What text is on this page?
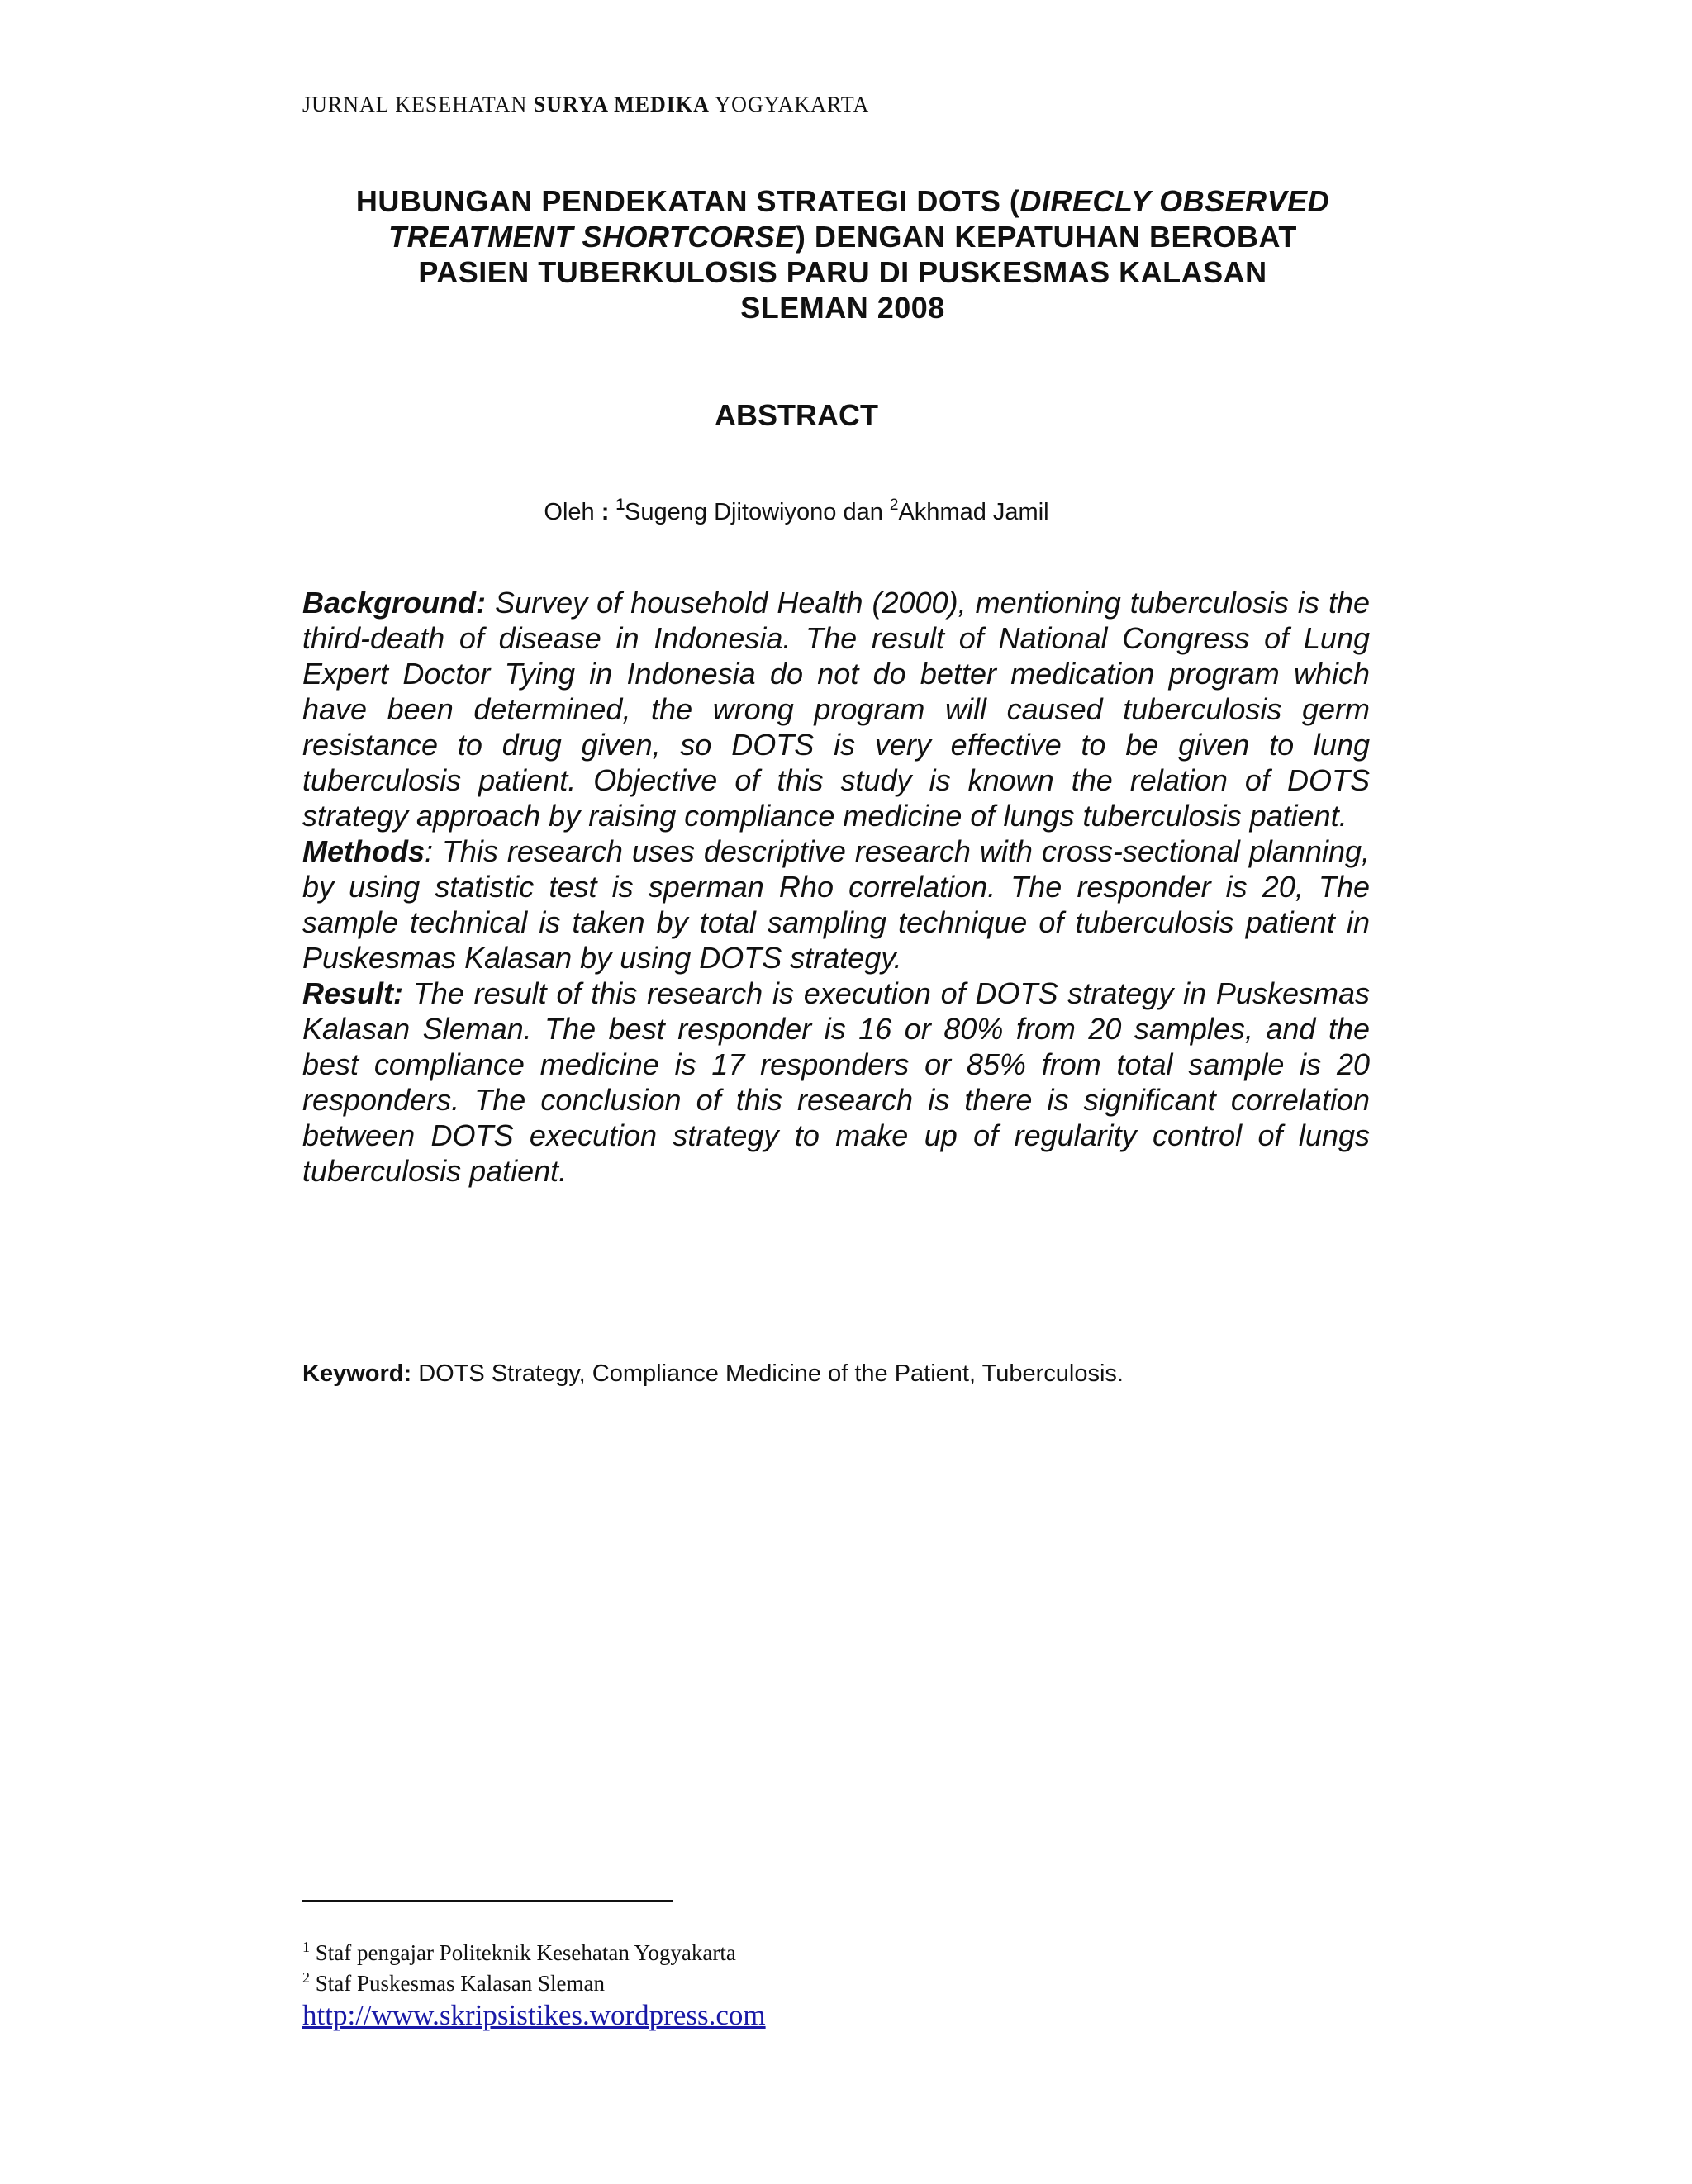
JURNAL KESEHATAN SURYA MEDIKA YOGYAKARTA
HUBUNGAN PENDEKATAN STRATEGI DOTS (DIRECLY OBSERVED
TREATMENT SHORTCORSE) DENGAN KEPATUHAN BEROBAT
PASIEN TUBERKULOSIS PARU DI PUSKESMAS KALASAN
SLEMAN 2008
ABSTRACT
Oleh : $^1$Sugeng Djitowiyono dan $^2$Akhmad Jamil

Background: Survey of household Health (2000), mentioning tuberculosis is the third-death of disease in Indonesia. The result of National Congress of Lung Expert Doctor Tying in Indonesia do not do better medication program which have been determined, the wrong program will caused tuberculosis germ resistance to drug given, so DOTS is very effective to be given to lung tuberculosis patient. Objective of this study is known the relation of DOTS strategy approach by raising compliance medicine of lungs tuberculosis patient.

Methods: This research uses descriptive research with cross-sectional planning, by using statistic test is sperman Rho correlation. The responder is 20, The sample technical is taken by total sampling technique of tuberculosis patient in Puskesmas Kalasan by using DOTS strategy.

Result: The result of this research is execution of DOTS strategy in Puskesmas Kalasan Sleman. The best responder is 16 or 80% from 20 samples, and the best compliance medicine is 17 responders or 85% from total sample is 20 responders. The conclusion of this research is there is significant correlation between DOTS execution strategy to make up of regularity control of lungs tuberculosis patient.

Keyword: DOTS Strategy, Compliance Medicine of the Patient, Tuberculosis.
$^1$ Staf pengajar Politeknik Kesehatan Yogyakarta
$^2$ Staf Puskesmas Kalasan Sleman
http://www.skripsistikes.wordpress.com
